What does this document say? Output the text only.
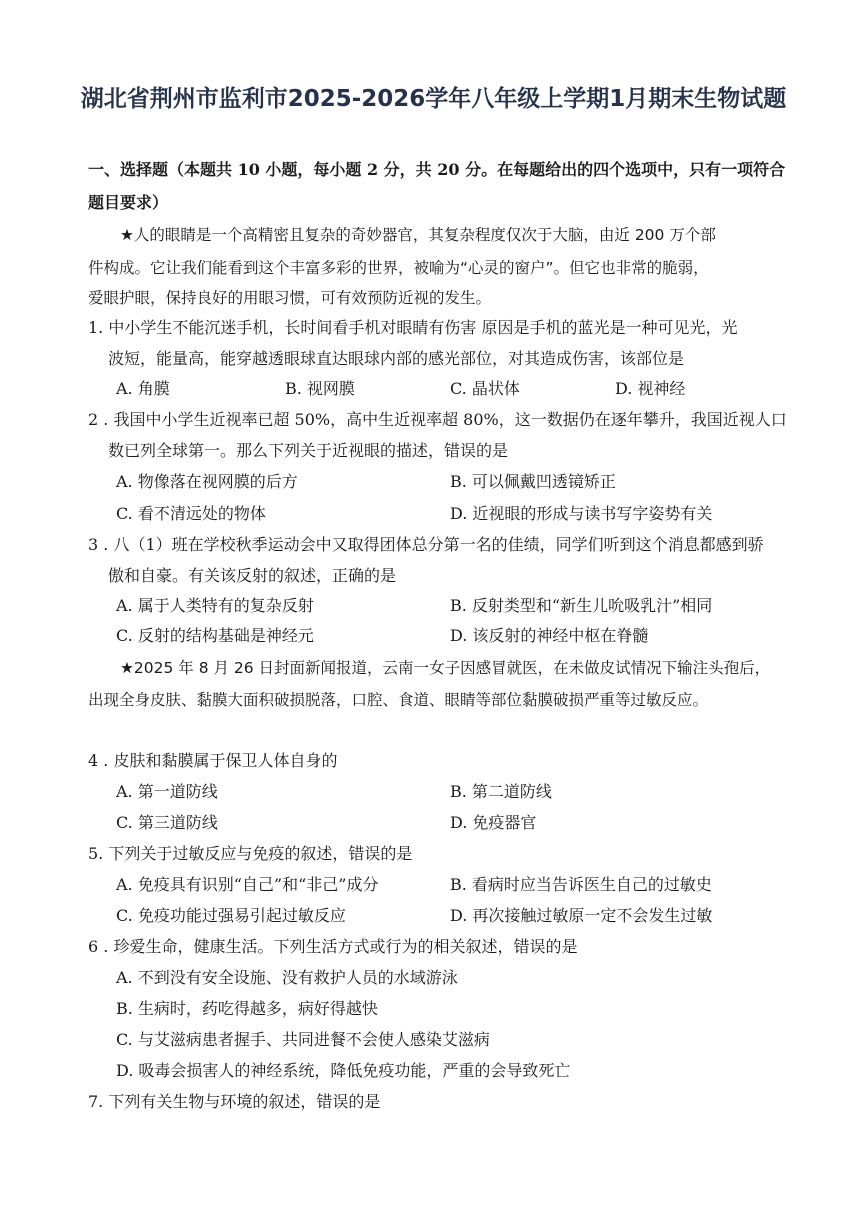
湖北省荆州市监利市2025-2026学年八年级上学期1月期末生物试题
一、选择题（本题共 10 小题，每小题 2 分，共 20 分。在每题给出的四个选项中，只有一项符合
题目要求）
★人的眼睛是一个高精密且复杂的奇妙器官，其复杂程度仅次于大脑，由近 200 万个部
件构成。它让我们能看到这个丰富多彩的世界，被喻为“心灵的窗户”。但它也非常的脆弱，
爱眼护眼，保持良好的用眼习惯，可有效预防近视的发生。
1. 中小学生不能沉迷手机，长时间看手机对眼睛有伤害 原因是手机的蓝光是一种可见光，光
波短，能量高，能穿越透眼球直达眼球内部的感光部位，对其造成伤害，该部位是
A. 角膜	B. 视网膜	C. 晶状体	D. 视神经
2 . 我国中小学生近视率已超 50%，高中生近视率超 80%，这一数据仍在逐年攀升，我国近视人口
数已列全球第一。那么下列关于近视眼的描述，错误的是
A. 物像落在视网膜的后方	B. 可以佩戴凹透镜矫正
C. 看不清远处的物体	D. 近视眼的形成与读书写字姿势有关
3 . 八（1）班在学校秋季运动会中又取得团体总分第一名的佳绩，同学们听到这个消息都感到骄
傲和自豪。有关该反射的叙述，正确的是
A. 属于人类特有的复杂反射	B. 反射类型和“新生儿吮吸乳汁”相同
C. 反射的结构基础是神经元	D. 该反射的神经中枢在脊髓
★2025 年 8 月 26 日封面新闻报道，云南一女子因感冒就医，在未做皮试情况下输注头孢后，
出现全身皮肤、黏膜大面积破损脱落，口腔、食道、眼睛等部位黏膜破损严重等过敏反应。
4 . 皮肤和黏膜属于保卫人体自身的
A. 第一道防线	B. 第二道防线
C. 第三道防线	D. 免疫器官
5. 下列关于过敏反应与免疫的叙述，错误的是
A. 免疫具有识别“自己”和“非己”成分	B. 看病时应当告诉医生自己的过敏史
C. 免疫功能过强易引起过敏反应	D. 再次接触过敏原一定不会发生过敏
6 . 珍爱生命，健康生活。下列生活方式或行为的相关叙述，错误的是
A. 不到没有安全设施、没有救护人员的水域游泳
B. 生病时，药吃得越多，病好得越快
C. 与艾滋病患者握手、共同进餐不会使人感染艾滋病
D. 吸毒会损害人的神经系统，降低免疫功能，严重的会导致死亡
7. 下列有关生物与环境的叙述，错误的是
